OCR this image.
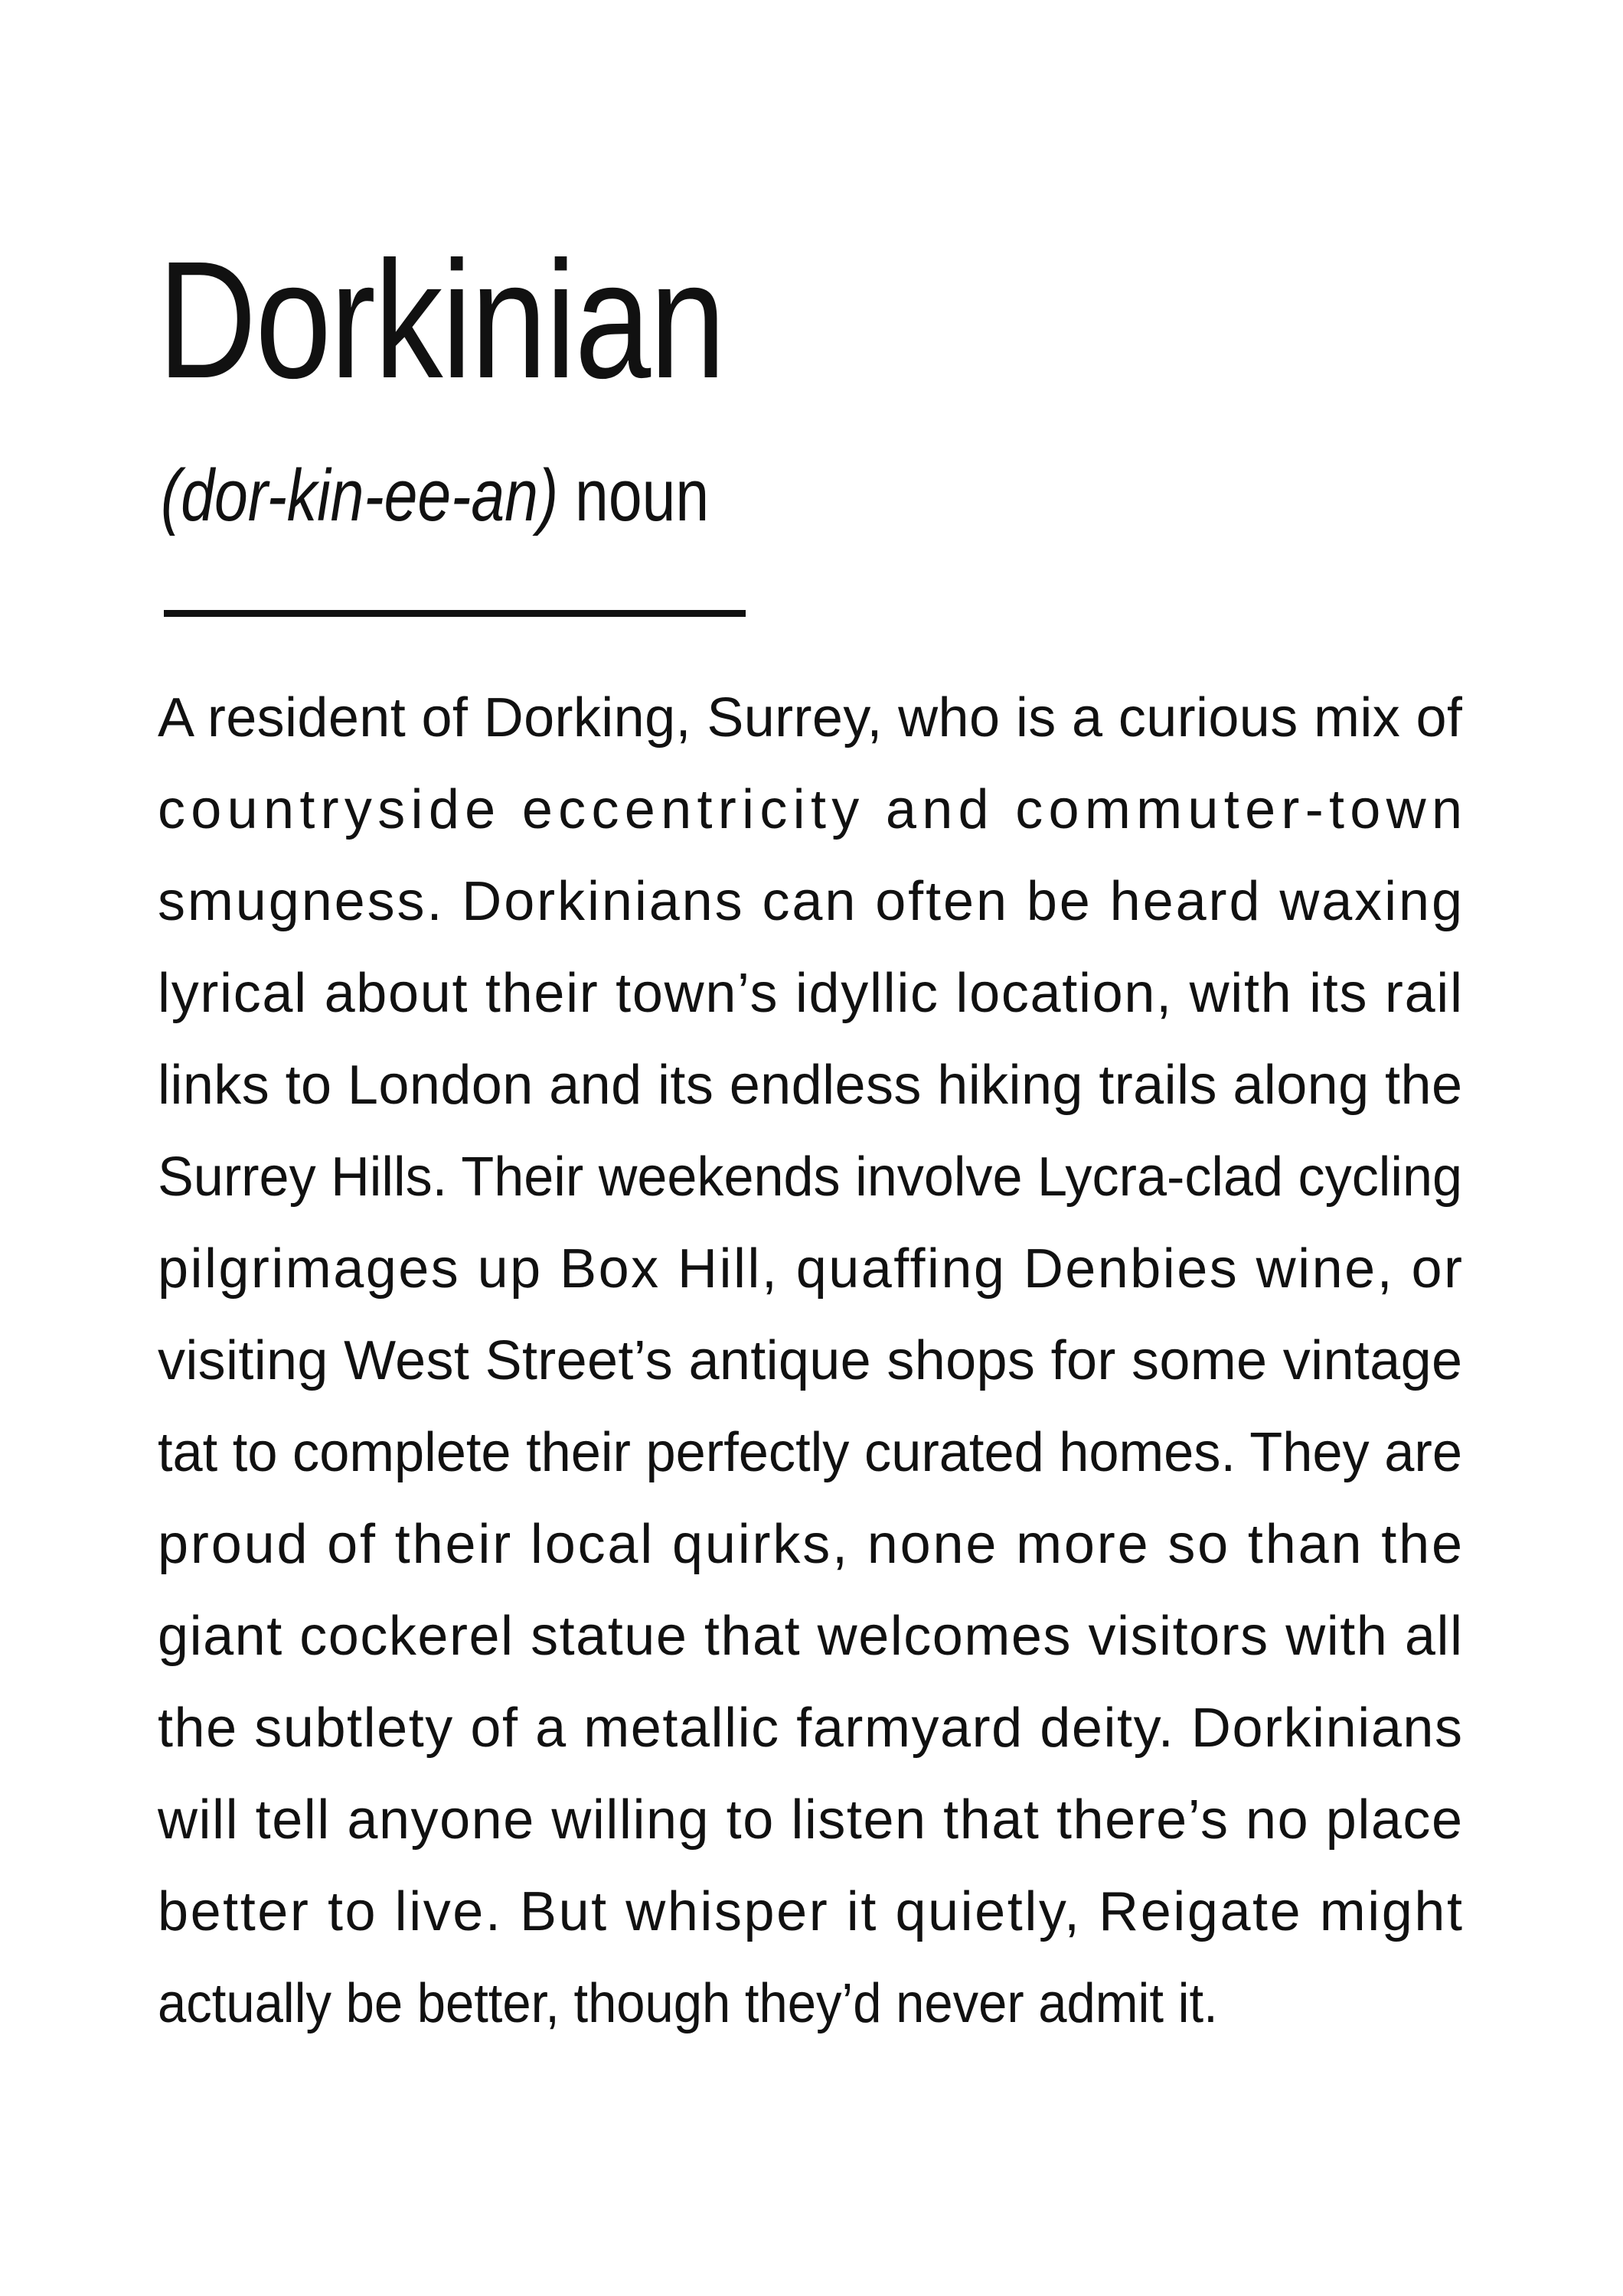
Dorkinian
(dor-kin-ee-an) noun
A resident of Dorking, Surrey, who is a curious mix of
countryside eccentricity and commuter-town
smugness. Dorkinians can often be heard waxing
lyrical about their town’s idyllic location, with its rail
links to London and its endless hiking trails along the
Surrey Hills. Their weekends involve Lycra-clad cycling
pilgrimages up Box Hill, quaffing Denbies wine, or
visiting West Street’s antique shops for some vintage
tat to complete their perfectly curated homes. They are
proud of their local quirks, none more so than the
giant cockerel statue that welcomes visitors with all
the subtlety of a metallic farmyard deity. Dorkinians
will tell anyone willing to listen that there’s no place
better to live. But whisper it quietly, Reigate might
actually be better, though they’d never admit it.
